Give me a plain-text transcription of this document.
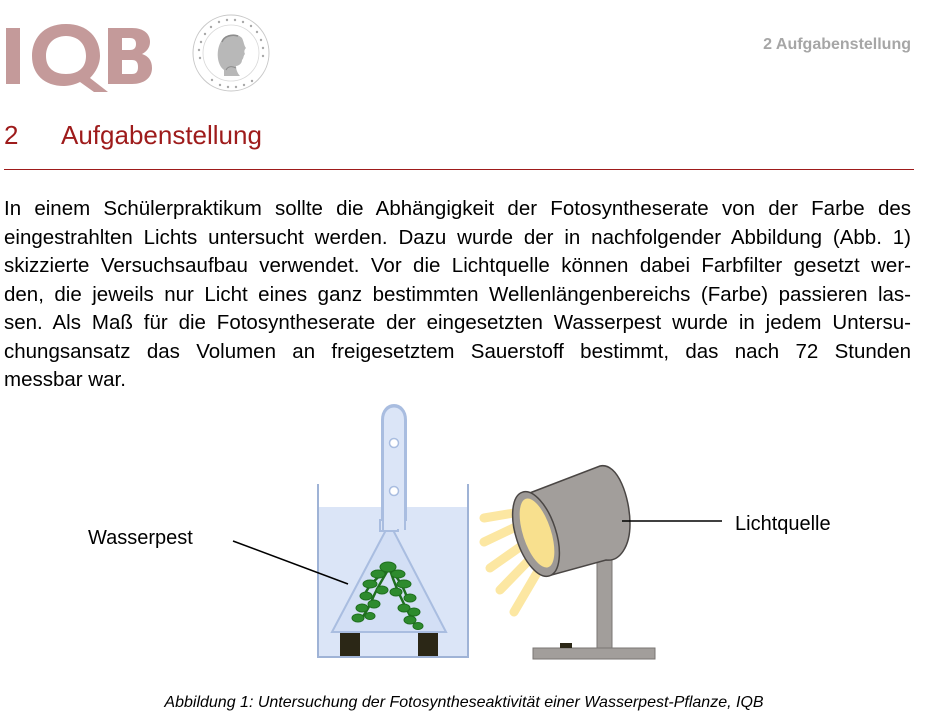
IQB	HUMBOLDT-UNIVERSITÄT ZU BERLIN
2 Aufgabenstellung
2 Aufgabenstellung

In einem Schülerpraktikum sollte die Abhängigkeit der Fotosyntheserate von der Farbe des
eingestrahlten Lichts untersucht werden. Dazu wurde der in nachfolgender Abbildung (Abb. 1)
skizzierte Versuchsaufbau verwendet. Vor die Lichtquelle können dabei Farbfilter gesetzt wer-
den, die jeweils nur Licht eines ganz bestimmten Wellenlängenbereichs (Farbe) passieren las-
sen. Als Maß für die Fotosyntheserate der eingesetzten Wasserpest wurde in jedem Untersu-
chungsansatz das Volumen an freigesetztem Sauerstoff bestimmt, das nach 72 Stunden
messbar war.

Wasserpest
Lichtquelle
Abbildung 1: Untersuchung der Fotosyntheseaktivität einer Wasserpest-Pflanze, IQB
